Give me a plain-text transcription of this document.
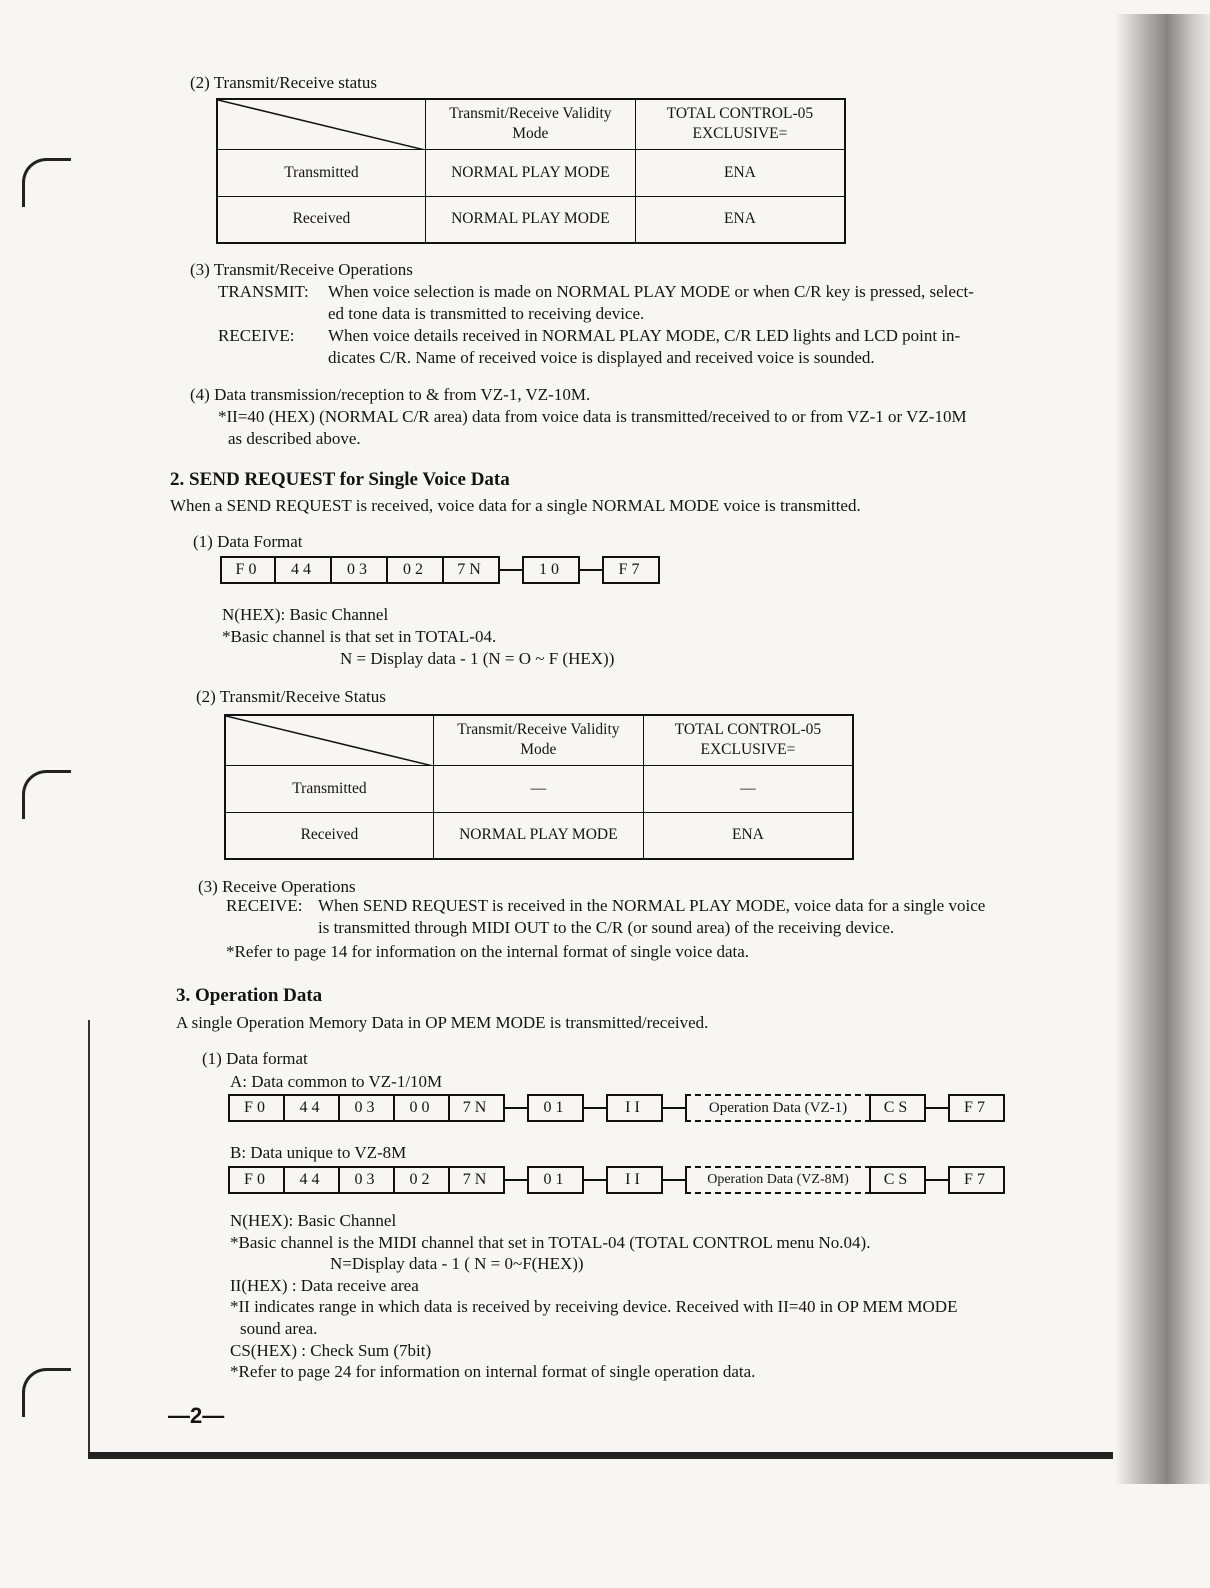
(2) Transmit/Receive status
	Transmit/Receive Validity Mode	TOTAL CONTROL-05 EXCLUSIVE=
Transmitted	NORMAL PLAY MODE	ENA
Received	NORMAL PLAY MODE	ENA
(3) Transmit/Receive Operations
TRANSMIT: When voice selection is made on NORMAL PLAY MODE or when C/R key is pressed, select-
ed tone data is transmitted to receiving device.
RECEIVE: When voice details received in NORMAL PLAY MODE, C/R LED lights and LCD point in-
dicates C/R. Name of received voice is displayed and received voice is sounded.
(4) Data transmission/reception to & from VZ-1, VZ-10M.
*II=40 (HEX) (NORMAL C/R area) data from voice data is transmitted/received to or from VZ-1 or VZ-10M
as described above.
2. SEND REQUEST for Single Voice Data
When a SEND REQUEST is received, voice data for a single NORMAL MODE voice is transmitted.
(1) Data Format
F0	44	03	02	7N	10	F7
N(HEX): Basic Channel
*Basic channel is that set in TOTAL-04.
N = Display data - 1 (N = O ~ F (HEX))
(2) Transmit/Receive Status
	Transmit/Receive Validity Mode	TOTAL CONTROL-05 EXCLUSIVE=
Transmitted	—	—
Received	NORMAL PLAY MODE	ENA
(3) Receive Operations
RECEIVE: When SEND REQUEST is received in the NORMAL PLAY MODE, voice data for a single voice
is transmitted through MIDI OUT to the C/R (or sound area) of the receiving device.
*Refer to page 14 for information on the internal format of single voice data.
3. Operation Data
A single Operation Memory Data in OP MEM MODE is transmitted/received.
(1) Data format
A: Data common to VZ-1/10M
F0	44	03	00	7N	01	II	Operation Data (VZ-1)	CS	F7
B: Data unique to VZ-8M
F0	44	03	02	7N	01	II	Operation Data (VZ-8M)	CS	F7
N(HEX): Basic Channel
*Basic channel is the MIDI channel that set in TOTAL-04 (TOTAL CONTROL menu No.04).
N=Display data - 1 ( N = 0~F(HEX))
II(HEX) : Data receive area
*II indicates range in which data is received by receiving device. Received with II=40 in OP MEM MODE
sound area.
CS(HEX) : Check Sum (7bit)
*Refer to page 24 for information on internal format of single operation data.
—2—
